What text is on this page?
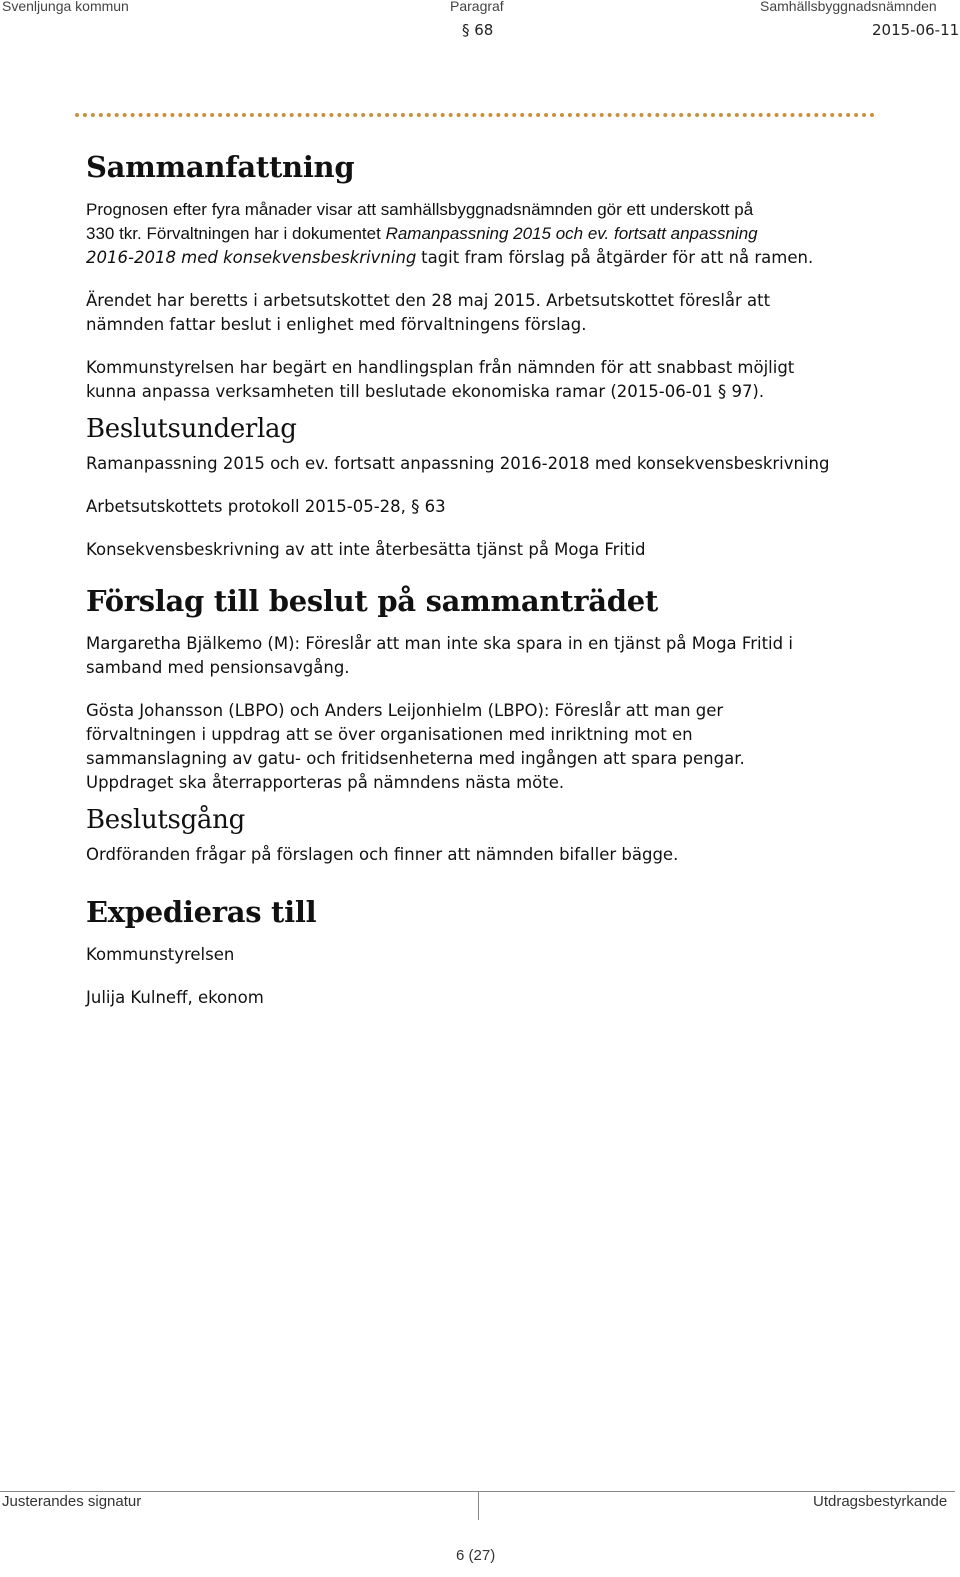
Svenljunga kommun	Paragraf	Samhällsbyggnadsnämnden
§ 68	2015-06-11
Sammanfattning

Prognosen efter fyra månader visar att samhällsbyggnadsnämnden gör ett underskott på
330 tkr. Förvaltningen har i dokumentet Ramanpassning 2015 och ev. fortsatt anpassning
2016-2018 med konsekvensbeskrivning tagit fram förslag på åtgärder för att nå ramen.

Ärendet har beretts i arbetsutskottet den 28 maj 2015. Arbetsutskottet föreslår att
nämnden fattar beslut i enlighet med förvaltningens förslag.

Kommunstyrelsen har begärt en handlingsplan från nämnden för att snabbast möjligt
kunna anpassa verksamheten till beslutade ekonomiska ramar (2015-06-01 § 97).

Beslutsunderlag

Ramanpassning 2015 och ev. fortsatt anpassning 2016-2018 med konsekvensbeskrivning

Arbetsutskottets protokoll 2015-05-28, § 63

Konsekvensbeskrivning av att inte återbesätta tjänst på Moga Fritid

Förslag till beslut på sammanträdet

Margaretha Bjälkemo (M): Föreslår att man inte ska spara in en tjänst på Moga Fritid i
samband med pensionsavgång.

Gösta Johansson (LBPO) och Anders Leijonhielm (LBPO): Föreslår att man ger
förvaltningen i uppdrag att se över organisationen med inriktning mot en
sammanslagning av gatu- och fritidsenheterna med ingången att spara pengar.
Uppdraget ska återrapporteras på nämndens nästa möte.

Beslutsgång

Ordföranden frågar på förslagen och finner att nämnden bifaller bägge.

Expedieras till

Kommunstyrelsen

Julija Kulneff, ekonom

Justerandes signatur	Utdragsbestyrkande
6 (27)
